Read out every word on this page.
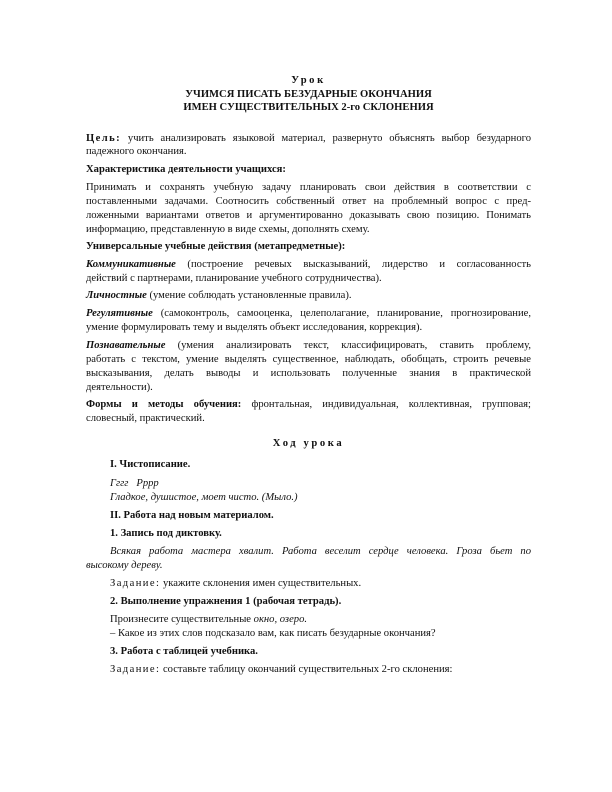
Урок
УЧИМСЯ ПИСАТЬ БЕЗУДАРНЫЕ ОКОНЧАНИЯ
ИМЕН СУЩЕСТВИТЕЛЬНЫХ 2-го СКЛОНЕНИЯ
Цель: учить анализировать языковой материал, развернуто объяснять выбор безударного
падежного окончания.
Характеристика деятельности учащихся:
Принимать и сохранять учебную задачу планировать свои действия в соответствии с
поставленными задачами. Соотносить собственный ответ на проблемный вопрос с пред-
ложенными вариантами ответов и аргументированно доказывать свою позицию. Понимать
информацию, представленную в виде схемы, дополнять схему.
Универсальные учебные действия (метапредметные):
Коммуникативные (построение речевых высказываний, лидерство и согласованность
действий с партнерами, планирование учебного сотрудничества).
Личностные (умение соблюдать установленные правила).
Регулятивные (самоконтроль, самооценка, целеполагание, планирование, прогнозирование,
умение формулировать тему и выделять объект исследования, коррекция).
Познавательные (умения анализировать текст, классифицировать, ставить проблему,
работать с текстом, умение выделять существенное, наблюдать, обобщать, строить речевые
высказывания, делать выводы и использовать полученные знания в практической
деятельности).
Формы и методы обучения: фронтальная, индивидуальная, коллективная, групповая;
словесный, практический.
Ход урока
I. Чистописание.
Гггг   Рррр
Гладкое, душистое, моет чисто. (Мыло.)
II. Работа над новым материалом.
1. Запись под диктовку.
Всякая работа мастера хвалит. Работа веселит сердце человека. Гроза бьет по
высокому дереву.
Задание: укажите склонения имен существительных.
2. Выполнение упражнения 1 (рабочая тетрадь).
Произнесите существительные окно, озеро.
– Какое из этих слов подсказало вам, как писать безударные окончания?
3. Работа с таблицей учебника.
Задание: составьте таблицу окончаний существительных 2-го склонения:
